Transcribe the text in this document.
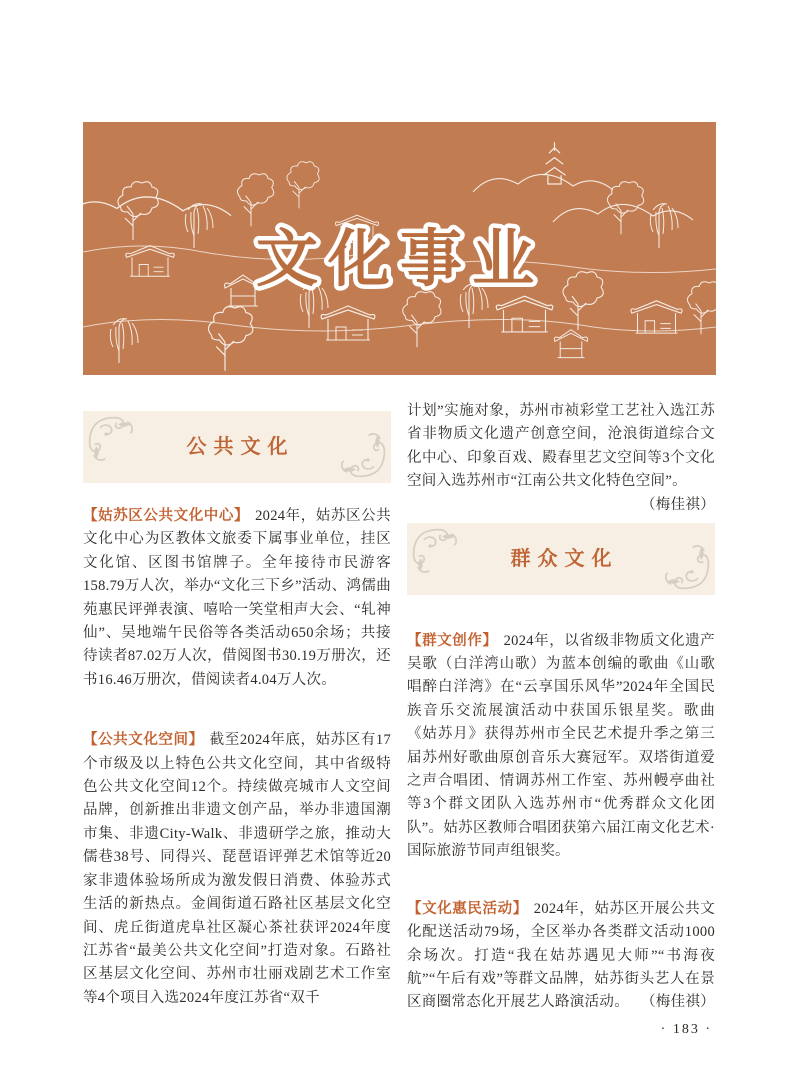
文化事业
公共文化

【姑苏区公共文化中心】 2024年，姑苏区公共文化中心为区教体文旅委下属事业单位，挂区文化馆、区图书馆牌子。全年接待市民游客158.79万人次，举办“文化三下乡”活动、鸿儒曲苑惠民评弹表演、嘻哈一笑堂相声大会、“轧神仙”、吴地端午民俗等各类活动650余场；共接待读者87.02万人次，借阅图书30.19万册次，还书16.46万册次，借阅读者4.04万人次。

【公共文化空间】 截至2024年底，姑苏区有17个市级及以上特色公共文化空间，其中省级特色公共文化空间12个。持续做亮城市人文空间品牌，创新推出非遗文创产品，举办非遗国潮市集、非遗City-Walk、非遗研学之旅，推动大儒巷38号、同得兴、琵琶语评弹艺术馆等近20家非遗体验场所成为激发假日消费、体验苏式生活的新热点。金阊街道石路社区基层文化空间、虎丘街道虎阜社区凝心茶社获评2024年度江苏省“最美公共文化空间”打造对象。石路社区基层文化空间、苏州市壮丽戏剧艺术工作室等4个项目入选2024年度江苏省“双千

计划”实施对象，苏州市祯彩堂工艺社入选江苏省非物质文化遗产创意空间，沧浪街道综合文化中心、印象百戏、殿春里艺文空间等3个文化空间入选苏州市“江南公共文化特色空间”。
（梅佳祺）

群众文化

【群文创作】 2024年，以省级非物质文化遗产吴歌（白洋湾山歌）为蓝本创编的歌曲《山歌唱醉白洋湾》在“云享国乐风华”2024年全国民族音乐交流展演活动中获国乐银星奖。歌曲《姑苏月》获得苏州市全民艺术提升季之第三届苏州好歌曲原创音乐大赛冠军。双塔街道爱之声合唱团、情调苏州工作室、苏州幔亭曲社等3个群文团队入选苏州市“优秀群众文化团队”。姑苏区教师合唱团获第六届江南文化艺术·国际旅游节同声组银奖。

【文化惠民活动】 2024年，姑苏区开展公共文化配送活动79场，全区举办各类群文活动1000余场次。打造“我在姑苏遇见大师”“书海夜航”“午后有戏”等群文品牌，姑苏街头艺人在景区商圈常态化开展艺人路演活动。 （梅佳祺）

· 183 ·
